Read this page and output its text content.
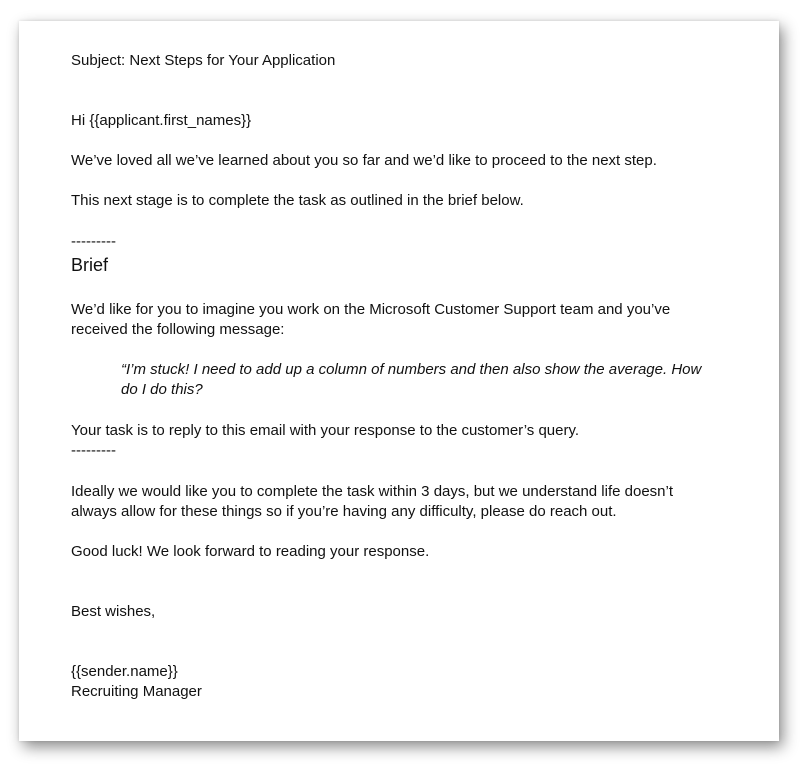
Subject: Next Steps for Your Application

Hi {{applicant.first_names}}

We’ve loved all we’ve learned about you so far and we’d like to proceed to the next step.

This next stage is to complete the task as outlined in the brief below.

---------

Brief

We’d like for you to imagine you work on the Microsoft Customer Support team and you’ve received the following message:

“I’m stuck! I need to add up a column of numbers and then also show the average. How do I do this?

Your task is to reply to this email with your response to the customer’s query.

---------

Ideally we would like you to complete the task within 3 days, but we understand life doesn’t always allow for these things so if you’re having any difficulty, please do reach out.

Good luck! We look forward to reading your response.

Best wishes,

{{sender.name}}

Recruiting Manager
